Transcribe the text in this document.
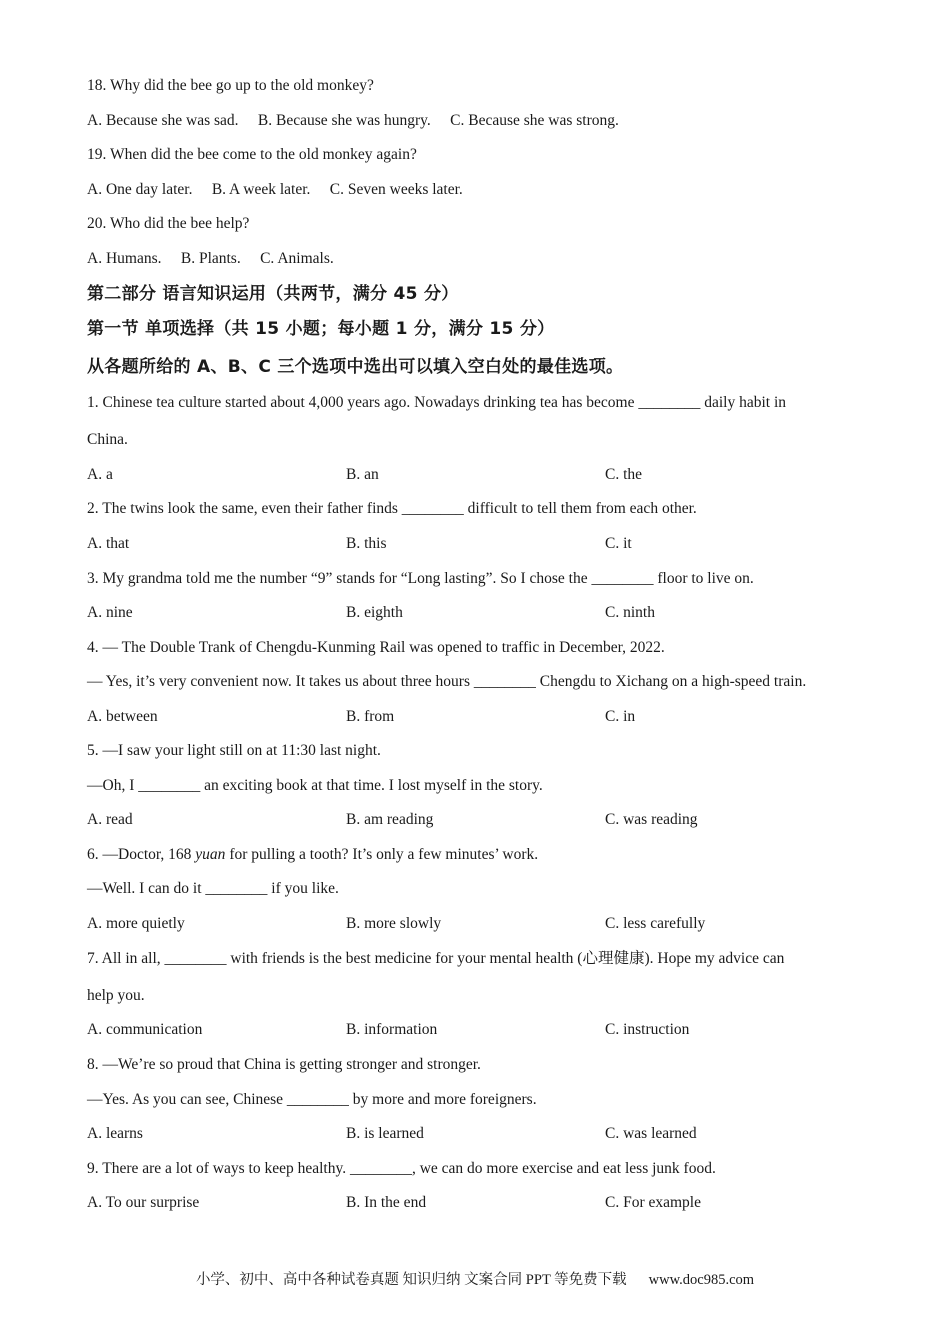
18. Why did the bee go up to the old monkey?
A. Because she was sad.     B. Because she was hungry.     C. Because she was strong.
19. When did the bee come to the old monkey again?
A. One day later.     B. A week later.     C. Seven weeks later.
20. Who did the bee help?
A. Humans.     B. Plants.     C. Animals.
第二部分 语言知识运用（共两节，满分 45 分）
第一节 单项选择（共 15 小题；每小题 1 分，满分 15 分）
从各题所给的 A、B、C 三个选项中选出可以填入空白处的最佳选项。
1. Chinese tea culture started about 4,000 years ago. Nowadays drinking tea has become ________ daily habit in
China.
A. a	B. an	C. the
2. The twins look the same, even their father finds ________ difficult to tell them from each other.
A. that	B. this	C. it
3. My grandma told me the number “9” stands for “Long lasting”. So I chose the ________ floor to live on.
A. nine	B. eighth	C. ninth
4. — The Double Trank of Chengdu-Kunming Rail was opened to traffic in December, 2022.
— Yes, it’s very convenient now. It takes us about three hours ________ Chengdu to Xichang on a high-speed train.
A. between	B. from	C. in
5. —I saw your light still on at 11:30 last night.
—Oh, I ________ an exciting book at that time. I lost myself in the story.
A. read	B. am reading	C. was reading
6. —Doctor, 168 yuan for pulling a tooth? It’s only a few minutes’ work.
—Well. I can do it ________ if you like.
A. more quietly	B. more slowly	C. less carefully
7. All in all, ________ with friends is the best medicine for your mental health (心理健康). Hope my advice can
help you.
A. communication	B. information	C. instruction
8. —We’re so proud that China is getting stronger and stronger.
—Yes. As you can see, Chinese ________ by more and more foreigners.
A. learns	B. is learned	C. was learned
9. There are a lot of ways to keep healthy. ________, we can do more exercise and eat less junk food.
A. To our surprise	B. In the end	C. For example
小学、初中、高中各种试卷真题 知识归纳 文案合同 PPT 等免费下载 www.doc985.com
